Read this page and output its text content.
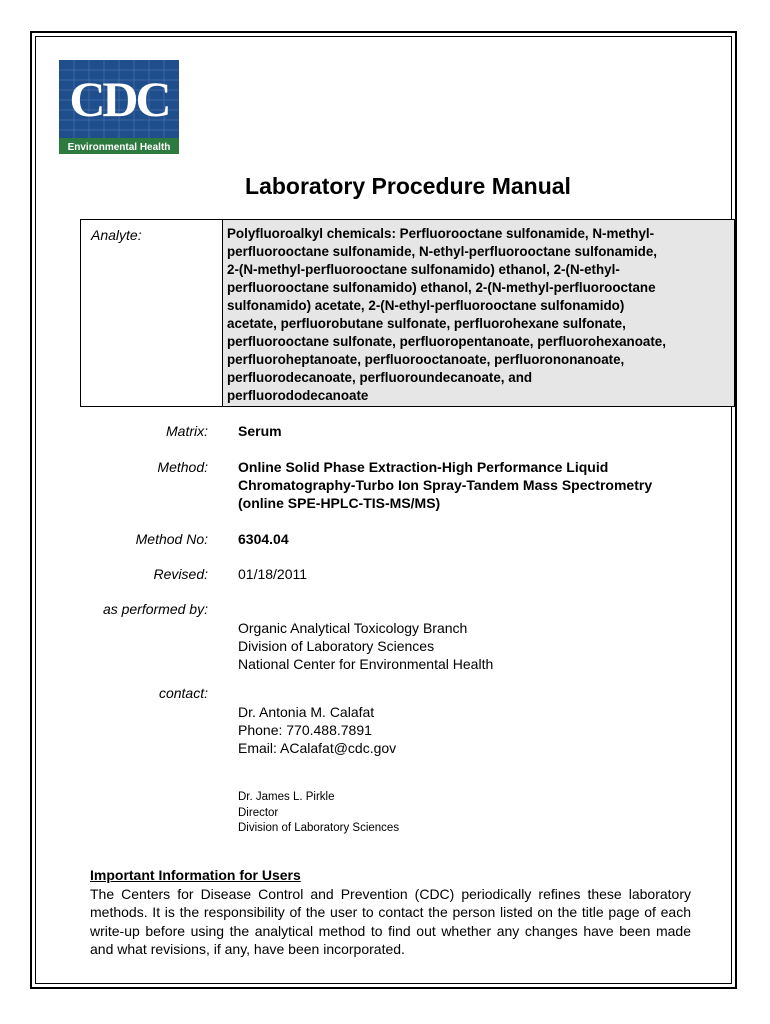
CDC
Environmental Health
Laboratory Procedure Manual
Analyte:	Polyfluoroalkyl chemicals: Perfluorooctane sulfonamide, N-methyl-
perfluorooctane sulfonamide, N-ethyl-perfluorooctane sulfonamide,
2-(N-methyl-perfluorooctane sulfonamido) ethanol, 2-(N-ethyl-
perfluorooctane sulfonamido) ethanol, 2-(N-methyl-perfluorooctane
sulfonamido) acetate, 2-(N-ethyl-perfluorooctane sulfonamido)
acetate, perfluorobutane sulfonate, perfluorohexane sulfonate,
perfluorooctane sulfonate, perfluoropentanoate, perfluorohexanoate,
perfluoroheptanoate, perfluorooctanoate, perfluorononanoate,
perfluorodecanoate, perfluoroundecanoate, and
perfluorododecanoate
Matrix: Serum
Method: Online Solid Phase Extraction-High Performance Liquid
Chromatography-Turbo Ion Spray-Tandem Mass Spectrometry
(online SPE-HPLC-TIS-MS/MS)
Method No: 6304.04
Revised: 01/18/2011
as performed by:
Organic Analytical Toxicology Branch
Division of Laboratory Sciences
National Center for Environmental Health
contact:
Dr. Antonia M. Calafat
Phone: 770.488.7891
Email: ACalafat@cdc.gov
Dr. James L. Pirkle
Director
Division of Laboratory Sciences
Important Information for Users
The Centers for Disease Control and Prevention (CDC) periodically refines these laboratory methods. It is the responsibility of the user to contact the person listed on the title page of each write-up before using the analytical method to find out whether any changes have been made and what revisions, if any, have been incorporated.
